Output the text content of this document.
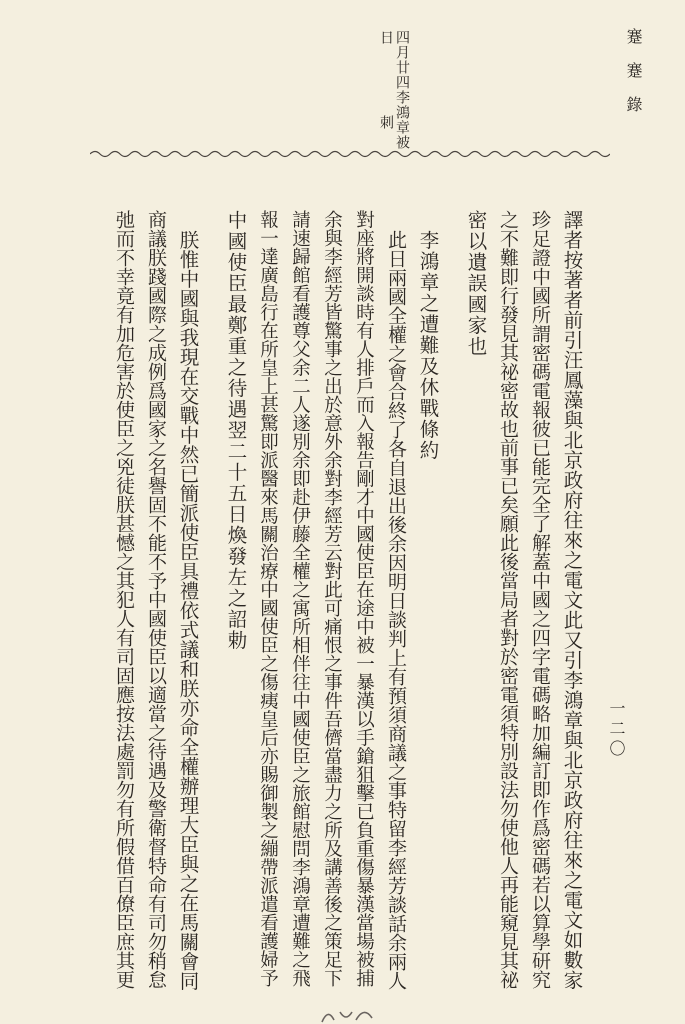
蹇蹇錄
四月廿四李鴻章被
日刺
譯者按著者前引汪鳳藻與北京政府往來之電文此又引李鴻章與北京政府往來之電文如數家
珍足證中國所謂密碼電報彼已能完全了解蓋中國之四字電碼略加編訂即作爲密碼若以算學研究
之不難即行發見其祕密故也前事已矣願此後當局者對於密電須特別設法勿使他人再能窺見其祕
密以遺誤國家也
李鴻章之遭難及休戰條約
此日兩國全權之會合終了各自退出後余因明日談判上有預須商議之事特留李經芳談話余兩人
對座將開談時有人排戶而入報告剛才中國使臣在途中被一暴漢以手鎗狙擊已負重傷暴漢當場被捕
余與李經芳皆驚事之出於意外余對李經芳云對此可痛恨之事件吾儕當盡力之所及講善後之策足下
請速歸館看護尊父余二人遂別余即赴伊藤全權之寓所相伴往中國使臣之旅館慰問李鴻章遭難之飛
報一達廣島行在所皇上甚驚即派醫來馬關治療中國使臣之傷痍皇后亦賜御製之繃帶派遣看護婦予
中國使臣最鄭重之待遇翌二十五日煥發左之詔勅
朕惟中國與我現在交戰中然已簡派使臣具禮依式議和朕亦命全權辦理大臣與之在馬關會同
商議朕踐國際之成例爲國家之名譽固不能不予中國使臣以適當之待遇及警衛督特命有司勿稍怠
弛而不幸竟有加危害於使臣之兇徒朕甚憾之其犯人有司固應按法處罰勿有所假借百僚臣庶其更	一二〇
